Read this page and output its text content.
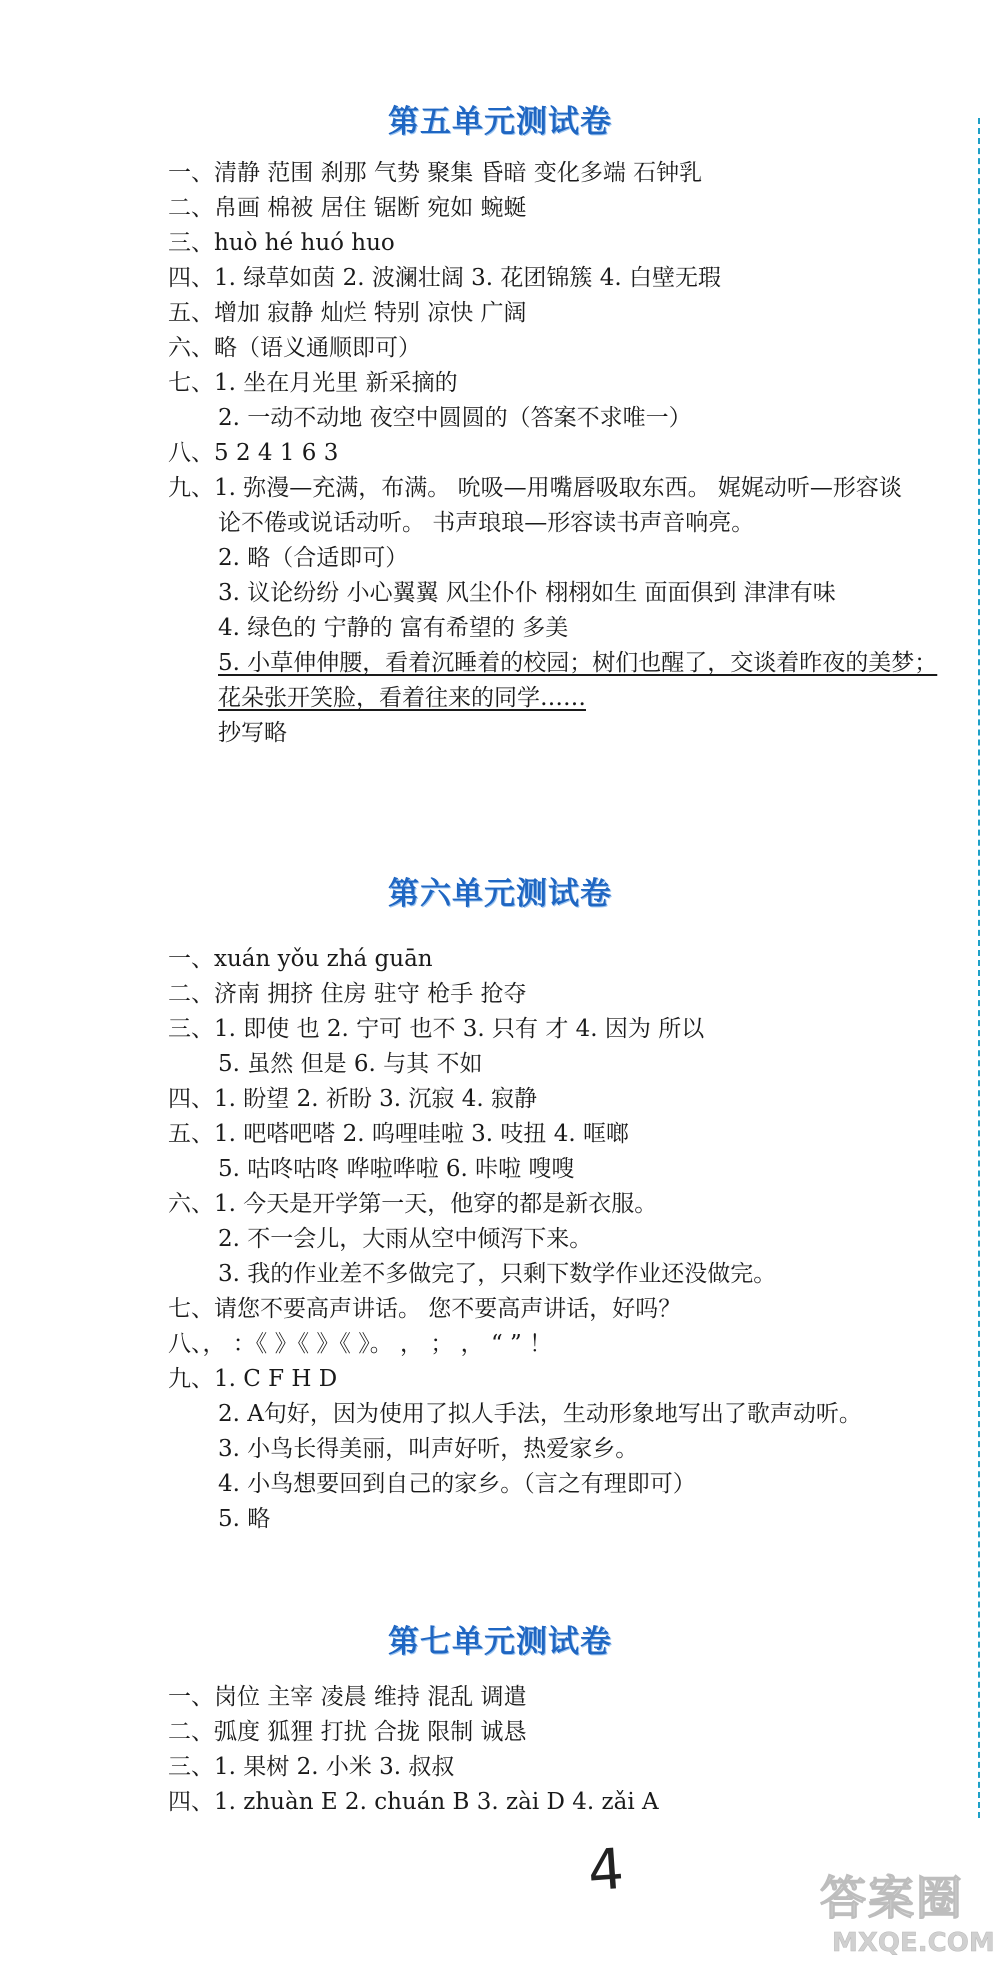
第五单元测试卷
一、清静 范围 刹那 气势 聚集 昏暗 变化多端 石钟乳
二、帛画 棉被 居住 锯断 宛如 蜿蜒
三、huò hé huó huo
四、1. 绿草如茵 2. 波澜壮阔 3. 花团锦簇 4. 白壁无瑕
五、增加 寂静 灿烂 特别 凉快 广阔
六、略（语义通顺即可）
七、1. 坐在月光里 新采摘的
2. 一动不动地 夜空中圆圆的（答案不求唯一）
八、5 2 4 1 6 3
九、1. 弥漫—充满，布满。 吮吸—用嘴唇吸取东西。 娓娓动听—形容谈
论不倦或说话动听。 书声琅琅—形容读书声音响亮。
2. 略（合适即可）
3. 议论纷纷 小心翼翼 风尘仆仆 栩栩如生 面面俱到 津津有味
4. 绿色的 宁静的 富有希望的 多美
5. 小草伸伸腰，看着沉睡着的校园；树们也醒了，交谈着昨夜的美梦；
花朵张开笑脸，看着往来的同学……
抄写略
第六单元测试卷
一、xuán yǒu zhá guān
二、济南 拥挤 住房 驻守 枪手 抢夺
三、1. 即使 也 2. 宁可 也不 3. 只有 才 4. 因为 所以
5. 虽然 但是 6. 与其 不如
四、1. 盼望 2. 祈盼 3. 沉寂 4. 寂静
五、1. 吧嗒吧嗒 2. 呜哩哇啦 3. 吱扭 4. 哐啷
5. 咕咚咕咚 哗啦哗啦 6. 咔啦 嗖嗖
六、1. 今天是开学第一天，他穿的都是新衣服。
2. 不一会儿，大雨从空中倾泻下来。
3. 我的作业差不多做完了，只剩下数学作业还没做完。
七、请您不要高声讲话。 您不要高声讲话，好吗？
八、， ：《 》《 》《 》。 ， ； ， “ ” ！
九、1. C F H D
2. A句好，因为使用了拟人手法，生动形象地写出了歌声动听。
3. 小鸟长得美丽，叫声好听，热爱家乡。
4. 小鸟想要回到自己的家乡。（言之有理即可）
5. 略
第七单元测试卷
一、岗位 主宰 凌晨 维持 混乱 调遣
二、弧度 狐狸 打扰 合拢 限制 诚恳
三、1. 果树 2. 小米 3. 叔叔
四、1. zhuàn E 2. chuán B 3. zài D 4. zǎi A
4	答案圈
MXQE.COM
